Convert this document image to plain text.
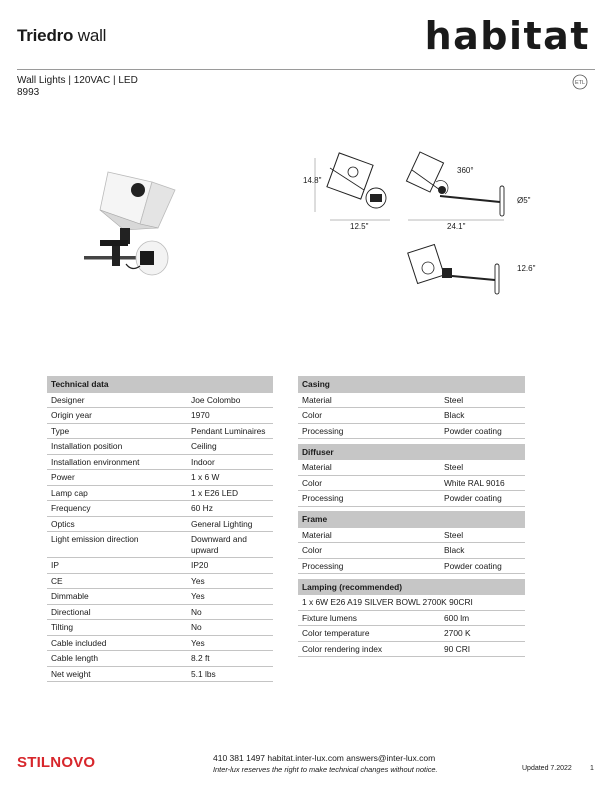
Triedro wall	habitat
Wall Lights | 120VAC | LED
8993
ETL
14.8"
12.5"
360°
24.1"
Ø5"
12.6"
Technical data	
Designer	Joe Colombo
Origin year	1970
Type	Pendant Luminaires
Installation position	Ceiling
Installation environment	Indoor
Power	1 x 6 W
Lamp cap	1 x E26 LED
Frequency	60 Hz
Optics	General Lighting
Light emission direction	Downward and upward
IP	IP20
CE	Yes
Dimmable	Yes
Directional	No
Tilting	No
Cable included	Yes
Cable length	8.2 ft
Net weight	5.1 lbs
Casing	
Material	Steel
Color	Black
Processing	Powder coating

Diffuser	
Material	Steel
Color	White RAL 9016
Processing	Powder coating

Frame	
Material	Steel
Color	Black
Processing	Powder coating

Lamping (recommended)	
1 x 6W E26 A19 SILVER BOWL 2700K 90CRI	
Fixture lumens	600 lm
Color temperature	2700 K
Color rendering index	90 CRI
STILNOVO	410 381 1497 habitat.inter-lux.com answers@inter-lux.com
Inter-lux reserves the right to make technical changes without notice.	Updated 7.2022	1
